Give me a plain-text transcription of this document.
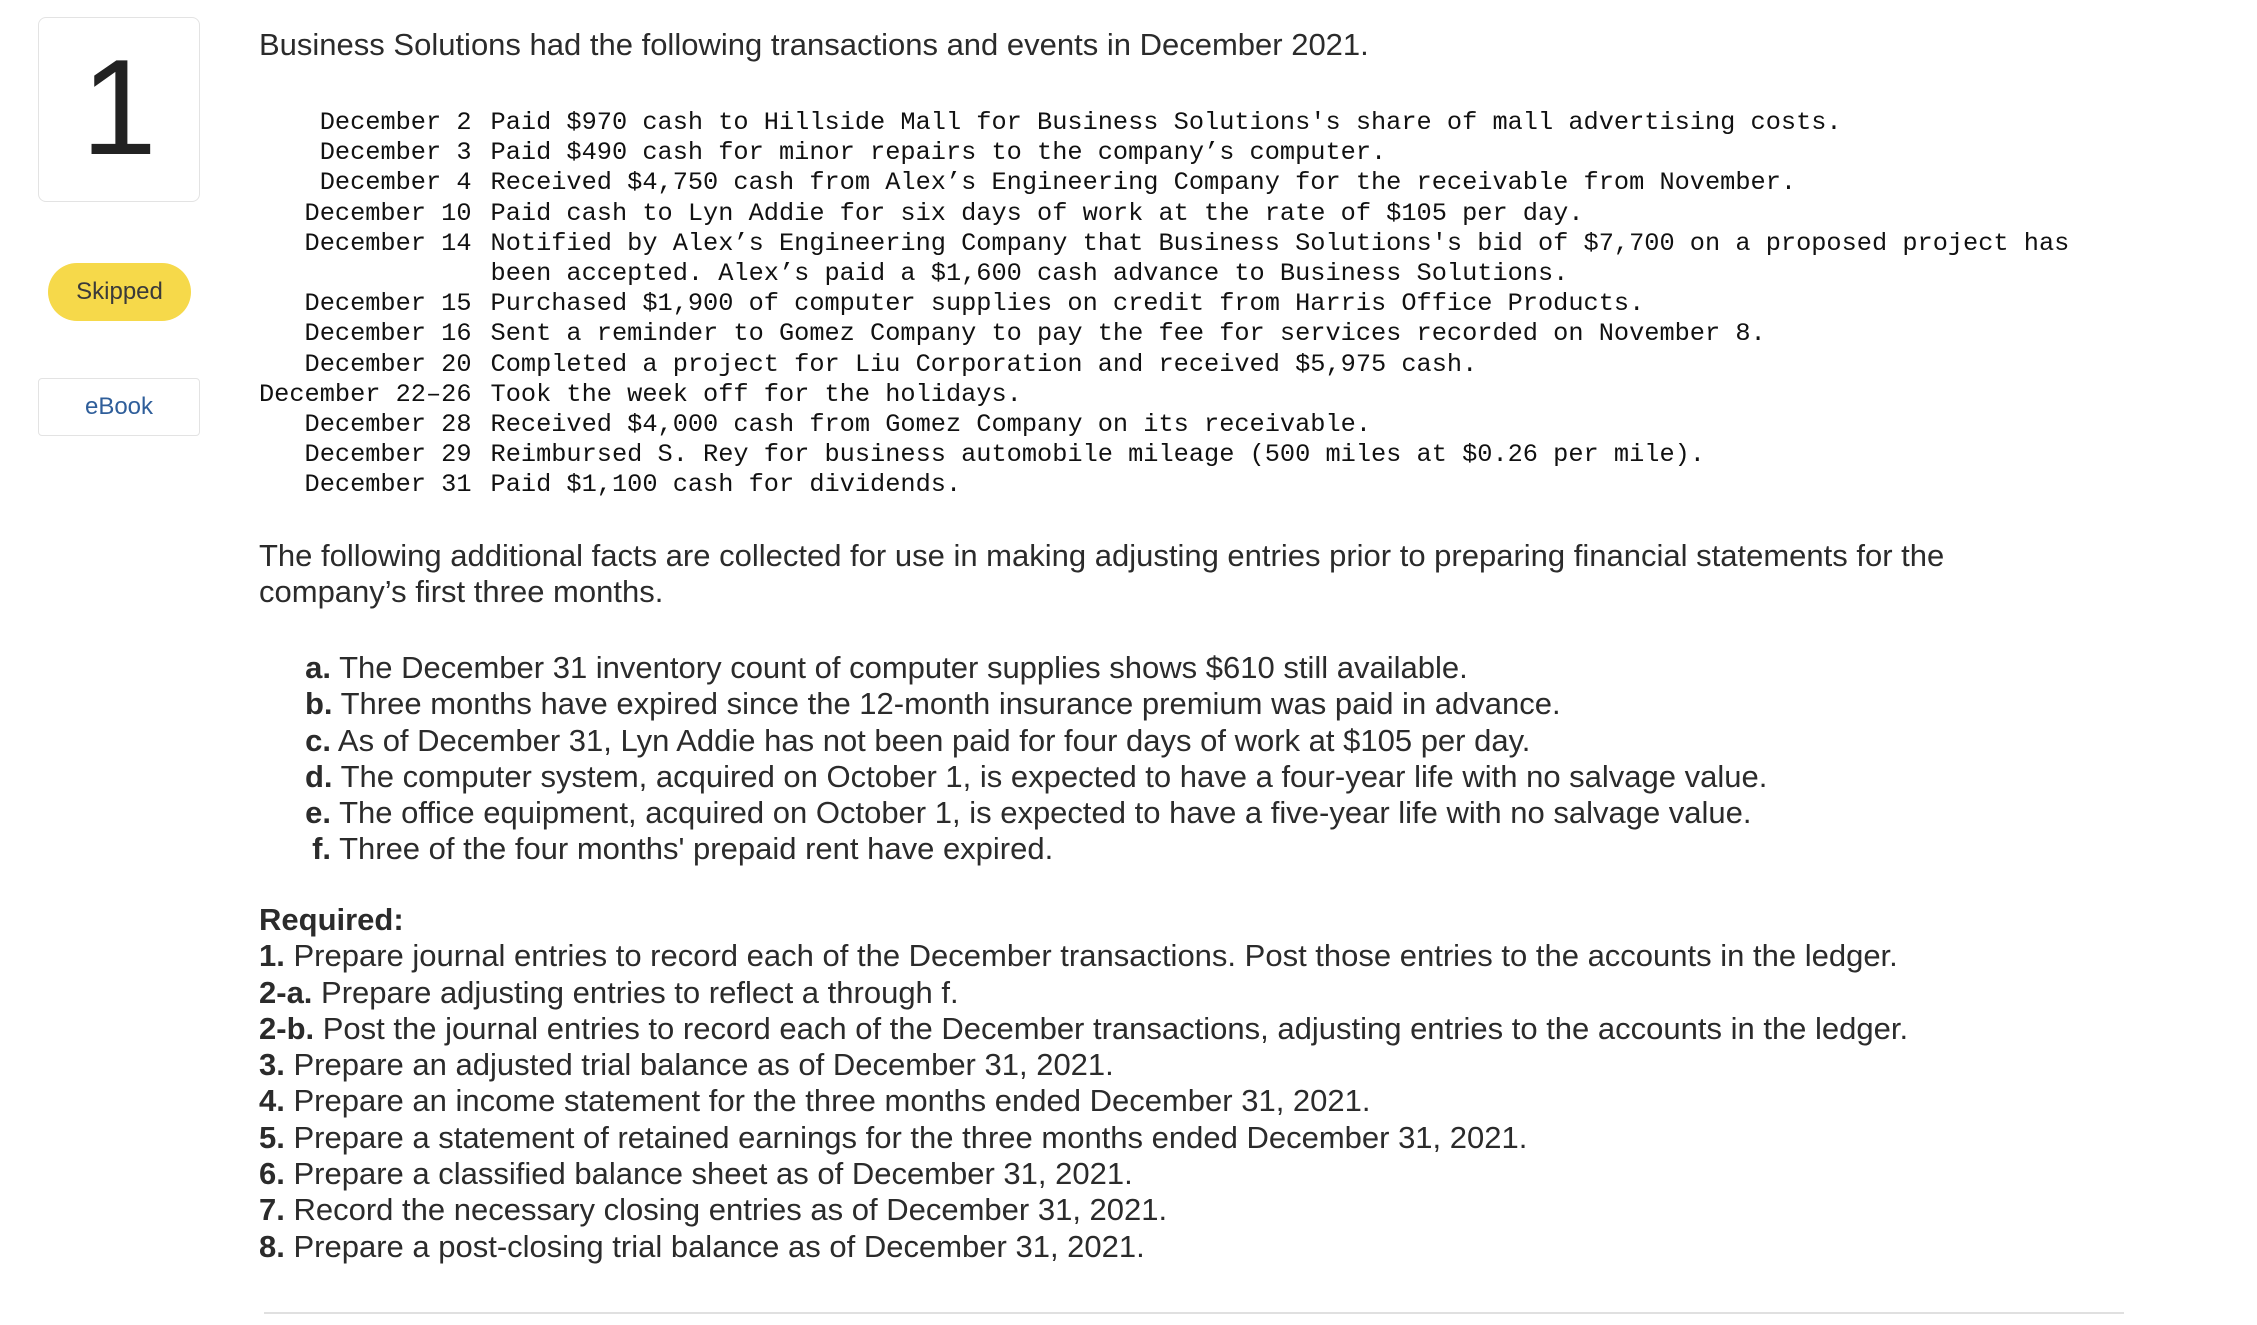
1
Skipped
eBook
Business Solutions had the following transactions and events in December 2021.
December 2	Paid $970 cash to Hillside Mall for Business Solutions's share of mall advertising costs.
December 3	Paid $490 cash for minor repairs to the company’s computer.
December 4	Received $4,750 cash from Alex’s Engineering Company for the receivable from November.
December 10	Paid cash to Lyn Addie for six days of work at the rate of $105 per day.
December 14	Notified by Alex’s Engineering Company that Business Solutions's bid of $7,700 on a proposed project has
	been accepted. Alex’s paid a $1,600 cash advance to Business Solutions.
December 15	Purchased $1,900 of computer supplies on credit from Harris Office Products.
December 16	Sent a reminder to Gomez Company to pay the fee for services recorded on November 8.
December 20	Completed a project for Liu Corporation and received $5,975 cash.
December 22–26	Took the week off for the holidays.
December 28	Received $4,000 cash from Gomez Company on its receivable.
December 29	Reimbursed S. Rey for business automobile mileage (500 miles at $0.26 per mile).
December 31	Paid $1,100 cash for dividends.
The following additional facts are collected for use in making adjusting entries prior to preparing financial statements for the company’s first three months.
a. The December 31 inventory count of computer supplies shows $610 still available.
b. Three months have expired since the 12-month insurance premium was paid in advance.
c. As of December 31, Lyn Addie has not been paid for four days of work at $105 per day.
d. The computer system, acquired on October 1, is expected to have a four-year life with no salvage value.
e. The office equipment, acquired on October 1, is expected to have a five-year life with no salvage value.
f. Three of the four months' prepaid rent have expired.
Required:
1. Prepare journal entries to record each of the December transactions. Post those entries to the accounts in the ledger.
2-a. Prepare adjusting entries to reflect a through f.
2-b. Post the journal entries to record each of the December transactions, adjusting entries to the accounts in the ledger.
3. Prepare an adjusted trial balance as of December 31, 2021.
4. Prepare an income statement for the three months ended December 31, 2021.
5. Prepare a statement of retained earnings for the three months ended December 31, 2021.
6. Prepare a classified balance sheet as of December 31, 2021.
7. Record the necessary closing entries as of December 31, 2021.
8. Prepare a post-closing trial balance as of December 31, 2021.
